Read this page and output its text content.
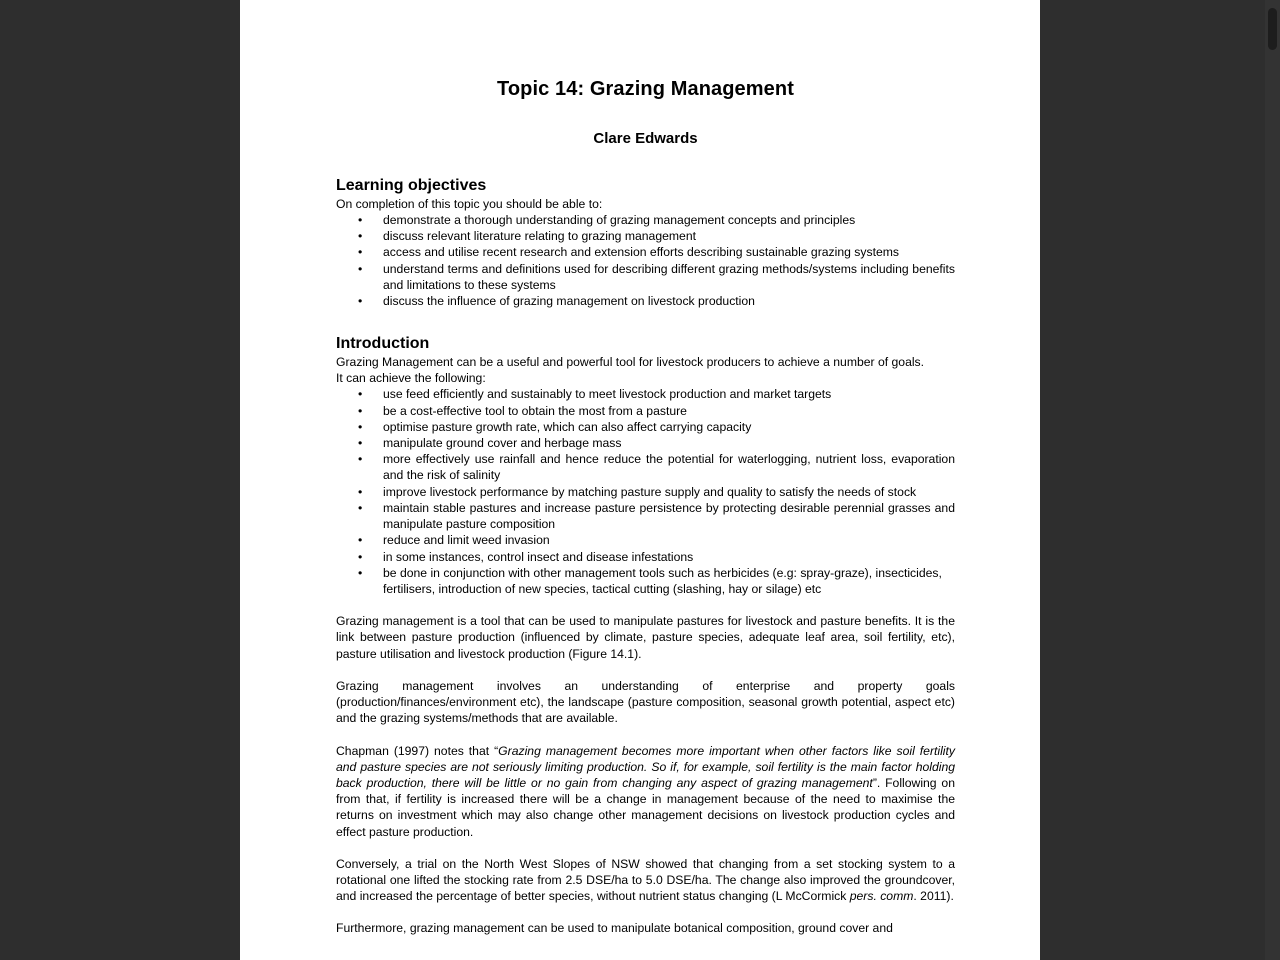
Topic 14: Grazing Management
Clare Edwards
Learning objectives

On completion of this topic you should be able to:

• demonstrate a thorough understanding of grazing management concepts and principles
• discuss relevant literature relating to grazing management
• access and utilise recent research and extension efforts describing sustainable grazing systems
• understand terms and definitions used for describing different grazing methods/systems including benefits and limitations to these systems
• discuss the influence of grazing management on livestock production
Introduction

Grazing Management can be a useful and powerful tool for livestock producers to achieve a number of goals.

It can achieve the following:

• use feed efficiently and sustainably to meet livestock production and market targets
• be a cost-effective tool to obtain the most from a pasture
• optimise pasture growth rate, which can also affect carrying capacity
• manipulate ground cover and herbage mass
• more effectively use rainfall and hence reduce the potential for waterlogging, nutrient loss, evaporation and the risk of salinity
• improve livestock performance by matching pasture supply and quality to satisfy the needs of stock
• maintain stable pastures and increase pasture persistence by protecting desirable perennial grasses and manipulate pasture composition
• reduce and limit weed invasion
• in some instances, control insect and disease infestations
• be done in conjunction with other management tools such as herbicides (e.g: spray-graze), insecticides, fertilisers, introduction of new species, tactical cutting (slashing, hay or silage) etc

Grazing management is a tool that can be used to manipulate pastures for livestock and pasture benefits. It is the link between pasture production (influenced by climate, pasture species, adequate leaf area, soil fertility, etc), pasture utilisation and livestock production (Figure 14.1).

Grazing management involves an understanding of enterprise and property goals (production/finances/environment etc), the landscape (pasture composition, seasonal growth potential, aspect etc) and the grazing systems/methods that are available.

Chapman (1997) notes that “Grazing management becomes more important when other factors like soil fertility and pasture species are not seriously limiting production. So if, for example, soil fertility is the main factor holding back production, there will be little or no gain from changing any aspect of grazing management”. Following on from that, if fertility is increased there will be a change in management because of the need to maximise the returns on investment which may also change other management decisions on livestock production cycles and effect pasture production.

Conversely, a trial on the North West Slopes of NSW showed that changing from a set stocking system to a rotational one lifted the stocking rate from 2.5 DSE/ha to 5.0 DSE/ha. The change also improved the groundcover, and increased the percentage of better species, without nutrient status changing (L McCormick pers. comm. 2011).

Furthermore, grazing management can be used to manipulate botanical composition, ground cover and
